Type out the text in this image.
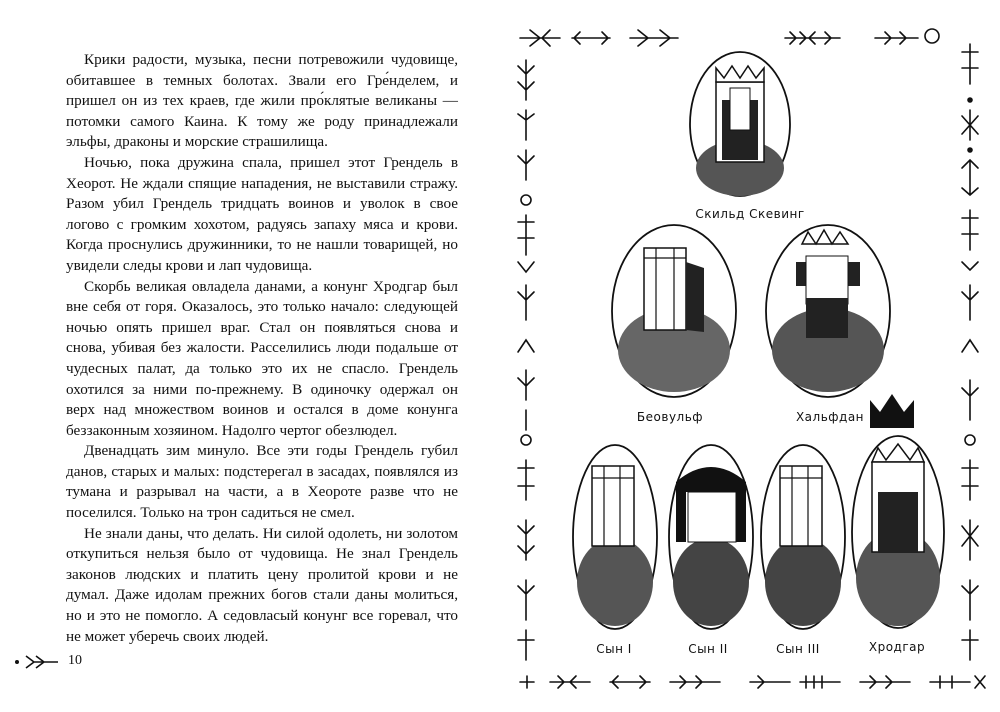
Крики радости, музыка, песни потревожили чудовище, обитавшее в темных болотах. Звали его Гре́нделем, и пришел он из тех краев, где жили про́клятые великаны — потомки самого Каина. К тому же роду принадлежали эльфы, драконы и морские страшилища.

Ночью, пока дружина спала, пришел этот Грендель в Хеорот. Не ждали спящие нападения, не выставили стражу. Разом убил Грендель тридцать воинов и уволок в свое логово с громким хохотом, радуясь запаху мяса и крови. Когда проснулись дружинники, то не нашли товарищей, но увидели следы крови и лап чудовища.

Скорбь великая овладела данами, а конунг Хродгар был вне себя от горя. Оказалось, это только начало: следующей ночью опять пришел враг. Стал он появляться снова и снова, убивая без жалости. Расселились люди подальше от чудесных палат, да только это их не спасло. Грендель охотился за ними по-прежнему. В одиночку одержал он верх над множеством воинов и остался в доме конунга беззаконным хозяином. Надолго чертог обезлюдел.

Двенадцать зим минуло. Все эти годы Грендель губил данов, старых и малых: подстерегал в засадах, появлялся из тумана и разрывал на части, а в Хеороте разве что не поселился. Только на трон садиться не смел.

Не знали даны, что делать. Ни силой одолеть, ни золотом откупиться нельзя было от чудовища. Не знал Грендель законов людских и платить цену пролитой крови и не думал. Даже идолам прежних богов стали даны молиться, но и это не помогло. А седовласый конунг все горевал, что не может уберечь своих людей.

10
Скильд Скевинг
Беовульф	Хальфдан
Сын I	Сын II	Сын III	Хродгар
